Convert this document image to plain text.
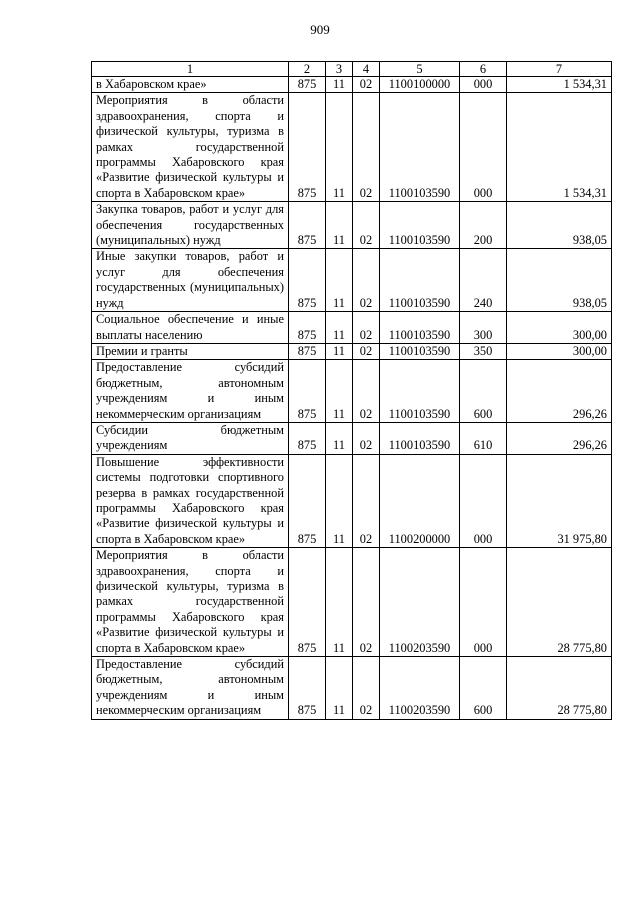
909
1	2	3	4	5	6	7
в Хабаровском крае»	875	11	02	1100100000	000	1 534,31
Мероприятия в области здравоохранения, спорта и физической культуры, туризма в рамках государственной программы Хабаровского края «Развитие физической культуры и спорта в Хабаровском крае»	875	11	02	1100103590	000	1 534,31
Закупка товаров, работ и услуг для обеспечения государственных (муниципальных) нужд	875	11	02	1100103590	200	938,05
Иные закупки товаров, работ и услуг для обеспечения государственных (муниципальных) нужд	875	11	02	1100103590	240	938,05
Социальное обеспечение и иные выплаты населению	875	11	02	1100103590	300	300,00
Премии и гранты	875	11	02	1100103590	350	300,00
Предоставление субсидий бюджетным, автономным учреждениям и иным некоммерческим организациям	875	11	02	1100103590	600	296,26
Субсидии бюджетным учреждениям	875	11	02	1100103590	610	296,26
Повышение эффективности системы подготовки спортивного резерва в рамках государственной программы Хабаровского края «Развитие физической культуры и спорта в Хабаровском крае»	875	11	02	1100200000	000	31 975,80
Мероприятия в области здравоохранения, спорта и физической культуры, туризма в рамках государственной программы Хабаровского края «Развитие физической культуры и спорта в Хабаровском крае»	875	11	02	1100203590	000	28 775,80
Предоставление субсидий бюджетным, автономным учреждениям и иным некоммерческим организациям	875	11	02	1100203590	600	28 775,80
